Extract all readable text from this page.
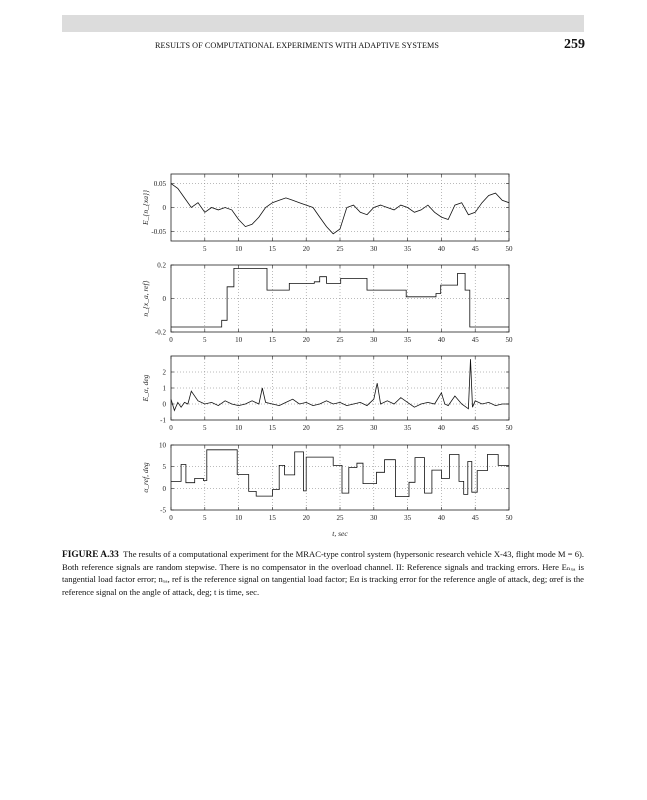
RESULTS OF COMPUTATIONAL EXPERIMENTS WITH ADAPTIVE SYSTEMS	259
5	10	15	20	25	30	35	40	45	50
0.05
0
-0.05
E_{n_{xa}}
0	5	10	15	20	25	30	35	40	45	50
0.2
0
-0.2
n_{x_a, ref}
0	5	10	15	20	25	30	35	40	45	50
2
1
0
-1
E_α, deg
0	5	10	15	20	25	30	35	40	45	50
10
5
0
-5
α_ref, deg
t, sec
FIGURE A.33 The results of a computational experiment for the MRAC-type control system (hypersonic research vehicle X-43, flight mode M = 6). Both reference signals are random stepwise. There is no compensator in the overload channel. II: Reference signals and tracking errors. Here Eₙₓₐ is tangential load factor error; nₓₐ, ref is the reference signal on tangential load factor; Eα is tracking error for the reference angle of attack, deg; αref is the reference signal on the angle of attack, deg; t is time, sec.
